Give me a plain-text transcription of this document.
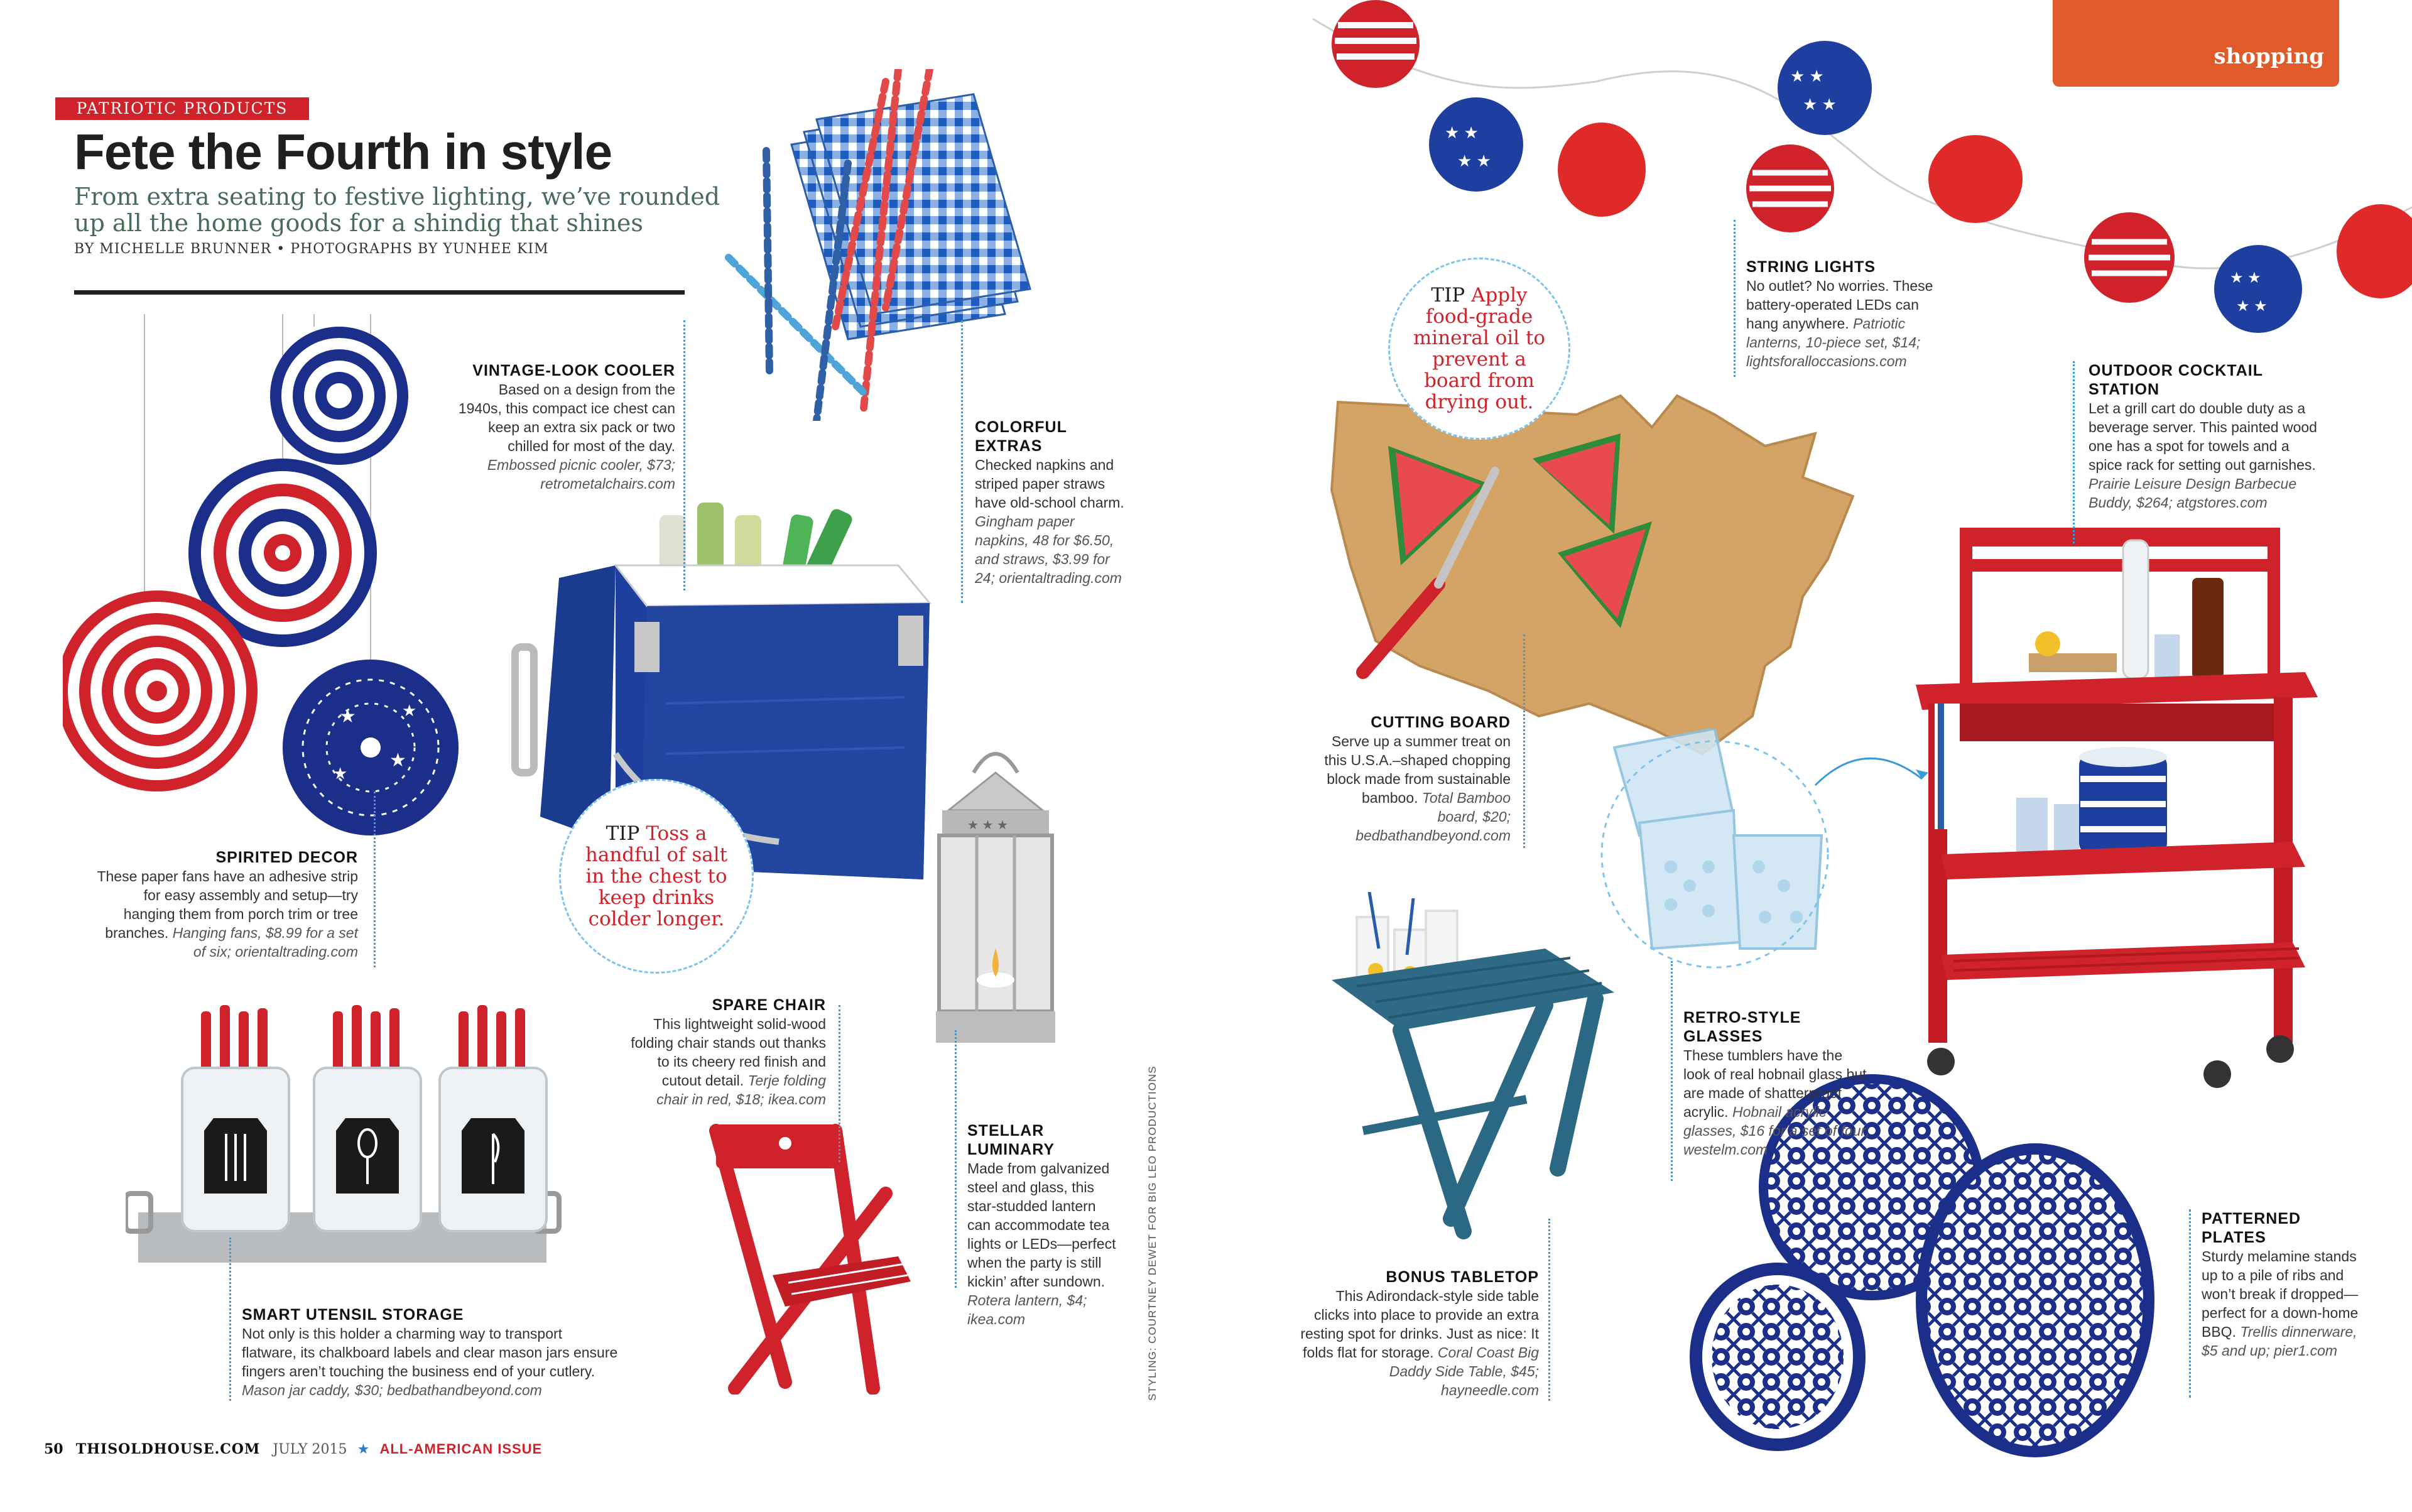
PATRIOTIC PRODUCTS
Fete the Fourth in style
From extra seating to festive lighting, we’ve rounded up all the home goods for a shindig that shines
BY MICHELLE BRUNNER • PHOTOGRAPHS BY YUNHEE KIM
shopping
★
★
★
★
★ ★ ★
★ ★
★ ★
★ ★
★ ★
★ ★
★ ★
TIP Toss a handful of salt in the chest to keep drinks colder longer.
TIP Apply food-grade mineral oil to prevent a board from drying out.
VINTAGE-LOOK COOLER
Based on a design from the 1940s, this compact ice chest can keep an extra six pack or two chilled for most of the day. Embossed picnic cooler, $73; retrometalchairs.com
COLORFUL EXTRAS
Checked napkins and striped paper straws have old-school charm. Gingham paper napkins, 48 for $6.50, and straws, $3.99 for 24; orientaltrading.com
SPIRITED DECOR
These paper fans have an adhesive strip for easy assembly and setup—try hanging them from porch trim or tree branches. Hanging fans, $8.99 for a set of six; orientaltrading.com
SPARE CHAIR
This lightweight solid-wood folding chair stands out thanks to its cheery red finish and cutout detail. Terje folding chair in red, $18; ikea.com
STELLAR LUMINARY
Made from galvanized steel and glass, this star-studded lantern can accommodate tea lights or LEDs—perfect when the party is still kickin’ after sundown. Rotera lantern, $4; ikea.com
SMART UTENSIL STORAGE
Not only is this holder a charming way to transport flatware, its chalkboard labels and clear mason jars ensure fingers aren’t touching the business end of your cutlery. Mason jar caddy, $30; bedbathandbeyond.com
STRING LIGHTS
No outlet? No worries. These battery-operated LEDs can hang anywhere. Patriotic lanterns, 10-piece set, $14; lightsforalloccasions.com
OUTDOOR COCKTAIL STATION
Let a grill cart do double duty as a beverage server. This painted wood one has a spot for towels and a spice rack for setting out garnishes. Prairie Leisure Design Barbecue Buddy, $264; atgstores.com
CUTTING BOARD
Serve up a summer treat on this U.S.A.–shaped chopping block made from sustainable bamboo. Total Bamboo board, $20; bedbathandbeyond.com
RETRO-STYLE GLASSES
These tumblers have the look of real hobnail glass but are made of shatterproof acrylic. Hobnail acrylic glasses, $16 for a set of four; westelm.com
BONUS TABLETOP
This Adirondack-style side table clicks into place to provide an extra resting spot for drinks. Just as nice: It folds flat for storage. Coral Coast Big Daddy Side Table, $45; hayneedle.com
PATTERNED PLATES
Sturdy melamine stands up to a pile of ribs and won’t break if dropped—perfect for a down-home BBQ. Trellis dinnerware, $5 and up; pier1.com
STYLING: COURTNEY DEWET FOR BIG LEO PRODUCTIONS
50 THISOLDHOUSE.COM JULY 2015 ★ ALL-AMERICAN ISSUE
